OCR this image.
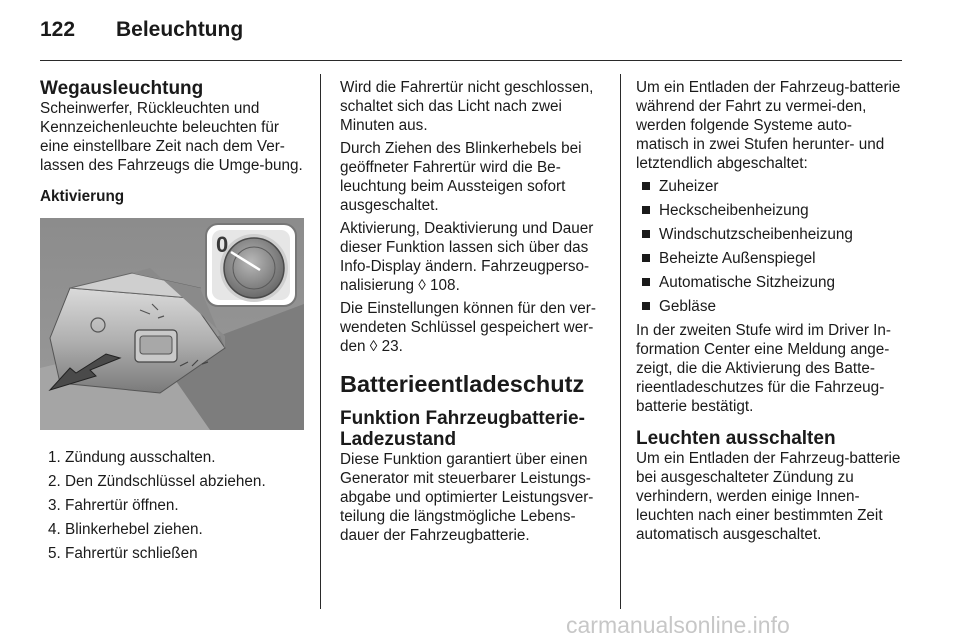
122 Beleuchtung
Wegausleuchtung

Scheinwerfer, Rückleuchten und Kennzeichenleuchte beleuchten für eine einstellbare Zeit nach dem Ver-lassen des Fahrzeugs die Umge-bung.

Aktivierung

0
1. Zündung ausschalten.
2. Den Zündschlüssel abziehen.
3. Fahrertür öffnen.
4. Blinkerhebel ziehen.
5. Fahrertür schließen

Wird die Fahrertür nicht geschlossen, schaltet sich das Licht nach zwei Minuten aus.

Durch Ziehen des Blinkerhebels bei geöffneter Fahrertür wird die Be-leuchtung beim Aussteigen sofort ausgeschaltet.

Aktivierung, Deaktivierung und Dauer dieser Funktion lassen sich über das Info-Display ändern. Fahrzeugperso-nalisierung ◊ 108.

Die Einstellungen können für den ver-wendeten Schlüssel gespeichert wer-den ◊ 23.

Batterieentladeschutz
Funktion Fahrzeugbatterie-Ladezustand

Diese Funktion garantiert über einen Generator mit steuerbarer Leistungs-abgabe und optimierter Leistungsver-teilung die längstmögliche Lebens-dauer der Fahrzeugbatterie.

Um ein Entladen der Fahrzeug-batterie während der Fahrt zu vermei-den, werden folgende Systeme auto-matisch in zwei Stufen herunter- und letztendlich abgeschaltet:

Zuheizer
Heckscheibenheizung
Windschutzscheibenheizung
Beheizte Außenspiegel
Automatische Sitzheizung
Gebläse

In der zweiten Stufe wird im Driver In-formation Center eine Meldung ange-zeigt, die die Aktivierung des Batte-rieentladeschutzes für die Fahrzeug-batterie bestätigt.

Leuchten ausschalten

Um ein Entladen der Fahrzeug-batterie bei ausgeschalteter Zündung zu verhindern, werden einige Innen-leuchten nach einer bestimmten Zeit automatisch ausgeschaltet.

carmanualsonline.info
